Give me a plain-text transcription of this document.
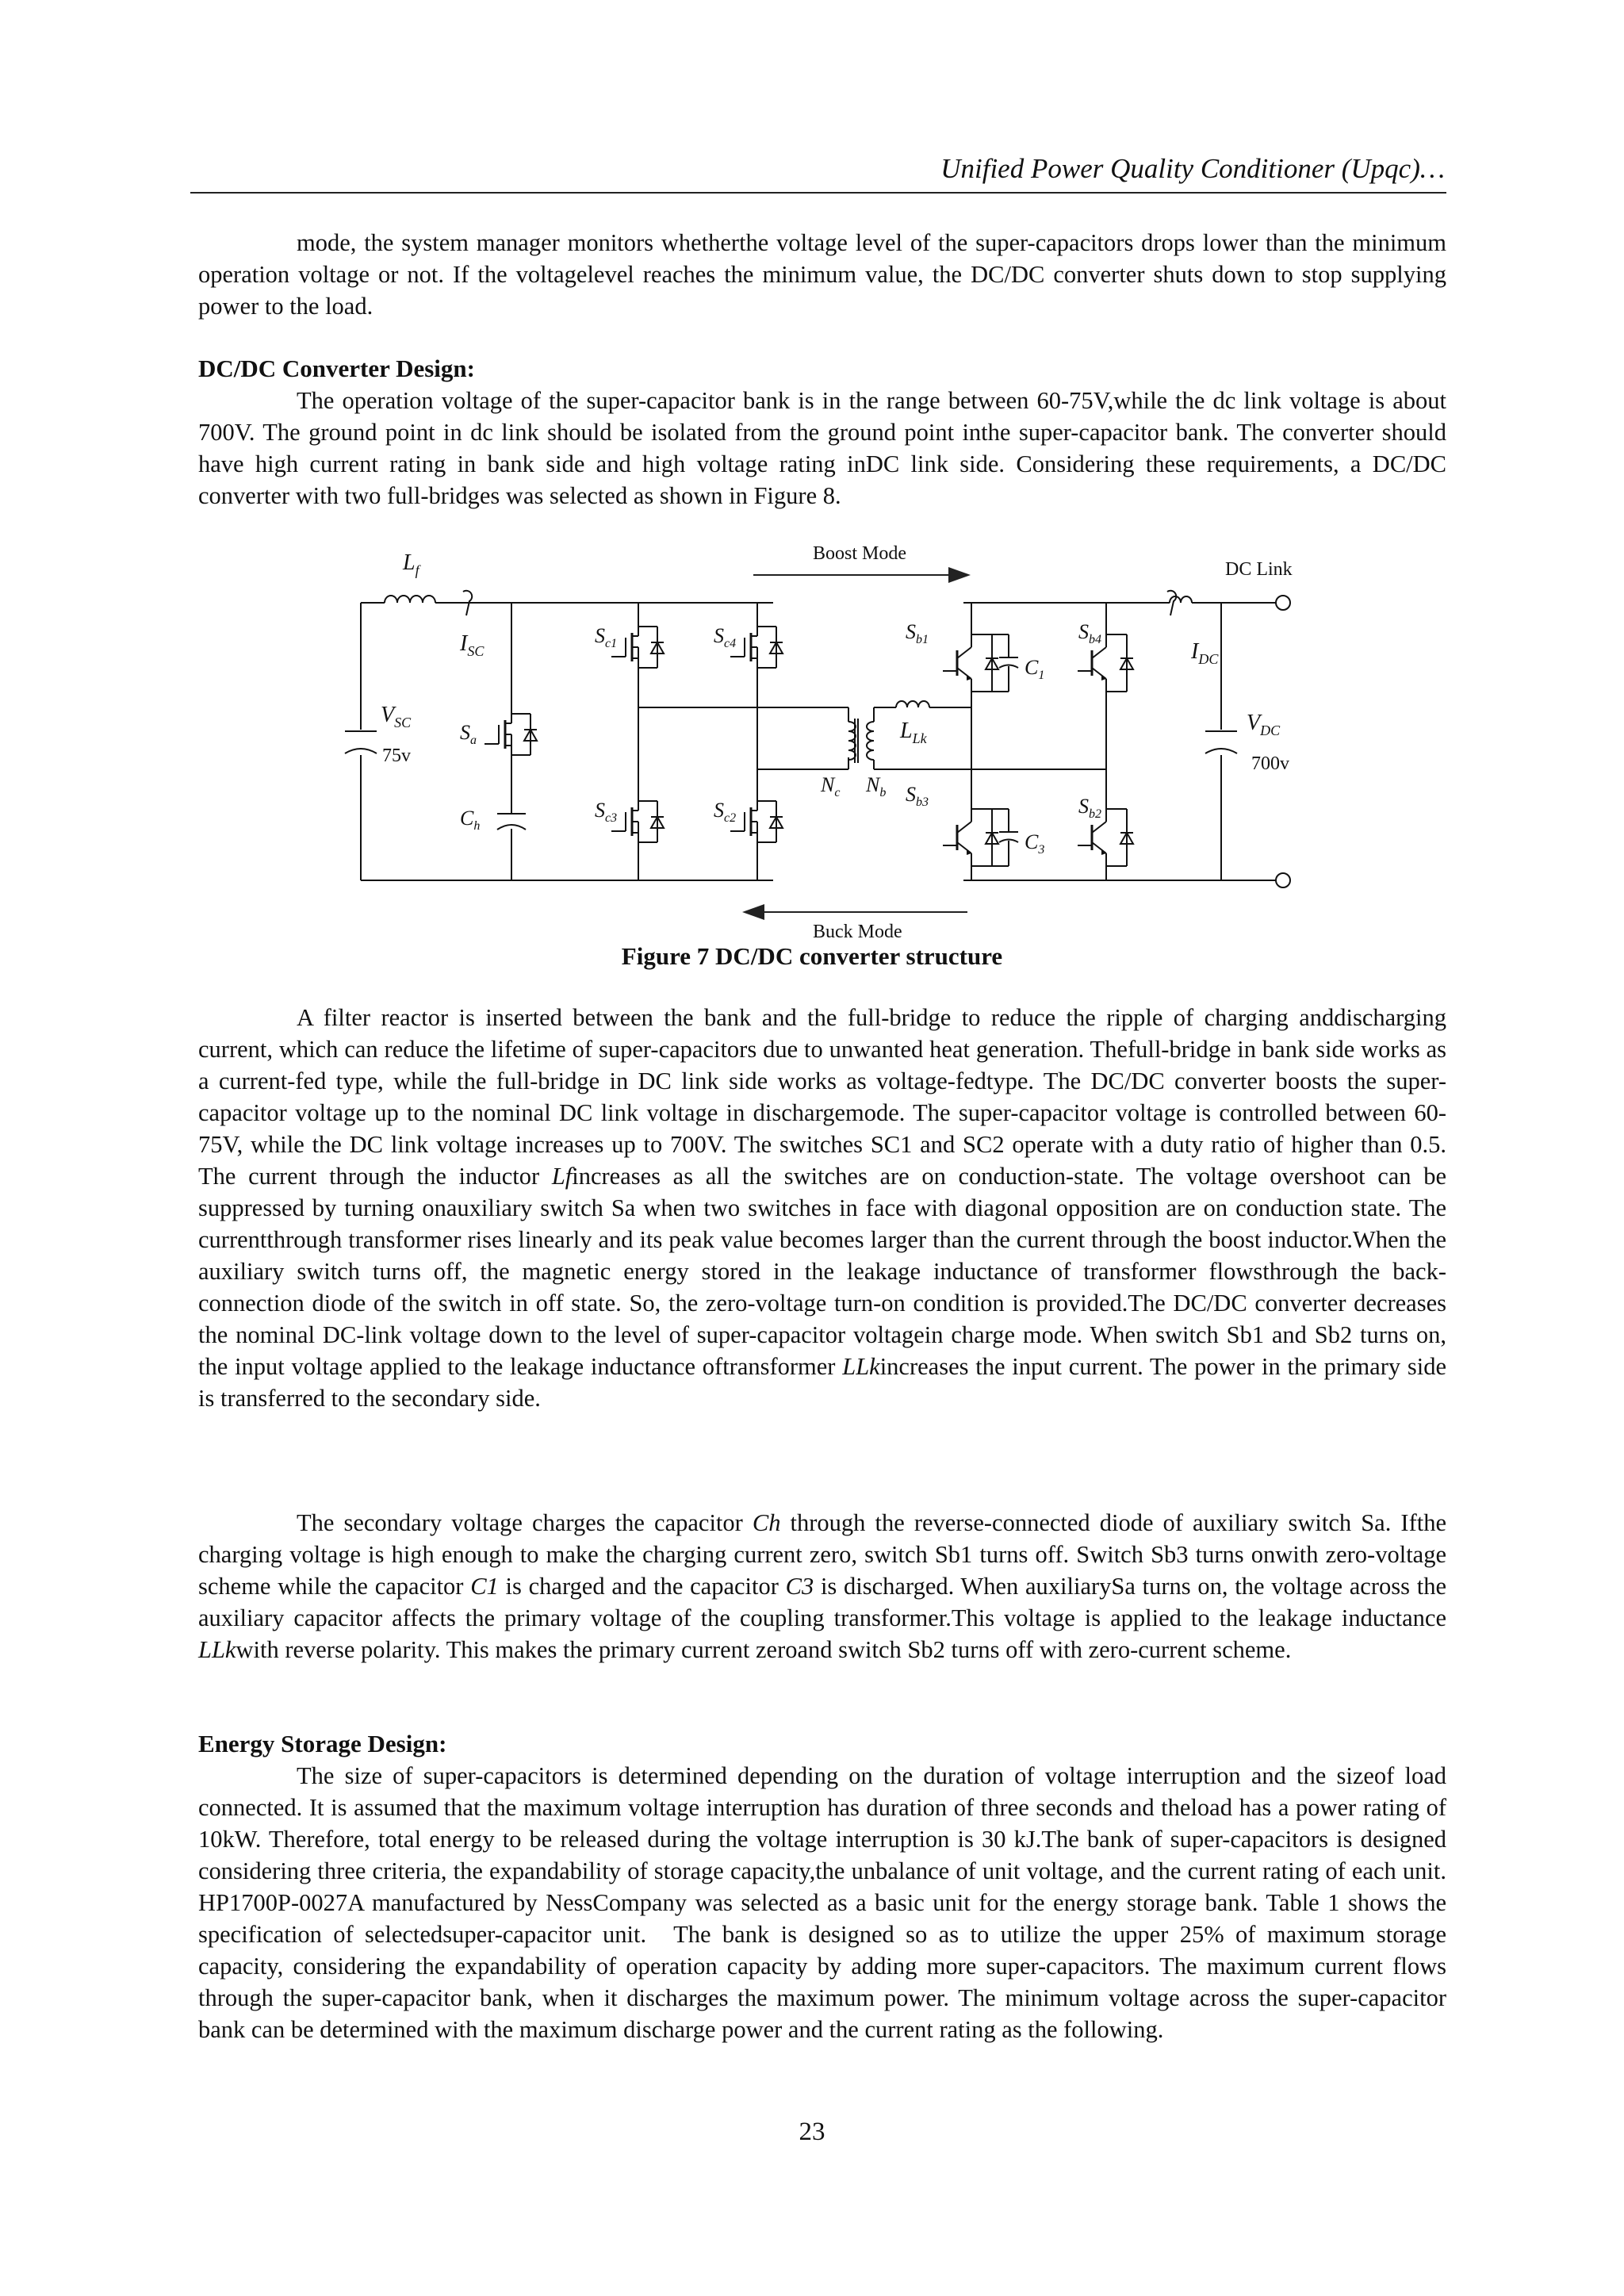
Unified Power Quality Conditioner (Upqc)…
mode, the system manager monitors whetherthe voltage level of the super-capacitors drops lower than the minimum operation voltage or not. If the voltagelevel reaches the minimum value, the DC/DC converter shuts down to stop supplying power to the load.
DC/DC Converter Design:
The operation voltage of the super-capacitor bank is in the range between 60-75V,while the dc link voltage is about 700V. The ground point in dc link should be isolated from the ground point inthe super-capacitor bank. The converter should have high current rating in bank side and high voltage rating inDC link side. Considering these requirements, a DC/DC converter with two full-bridges was selected as shown in Figure 8.
Boost Mode
Buck Mode
DC Link
$L_f$
$I_{SC}$
$V_{SC}$
75v
$S_a$
$C_h$
$S_{c1}$	$S_{c4}$
$S_{c3}$	$S_{c2}$
$L_{Lk}$
$N_c$ $N_b$
$S_{b1}$	$S_{b4}$
$S_{b3}$	$S_{b2}$
$C_1$
$C_3$
$I_{DC}$
$V_{DC}$
700v
Figure 7 DC/DC converter structure
A filter reactor is inserted between the bank and the full-bridge to reduce the ripple of charging anddischarging current, which can reduce the lifetime of super-capacitors due to unwanted heat generation. Thefull-bridge in bank side works as a current-fed type, while the full-bridge in DC link side works as voltage-fedtype. The DC/DC converter boosts the super-capacitor voltage up to the nominal DC link voltage in dischargemode. The super-capacitor voltage is controlled between 60-75V, while the DC link voltage increases up to 700V. The switches SC1 and SC2 operate with a duty ratio of higher than 0.5. The current through the inductor Lfincreases as all the switches are on conduction-state. The voltage overshoot can be suppressed by turning onauxiliary switch Sa when two switches in face with diagonal opposition are on conduction state. The currentthrough transformer rises linearly and its peak value becomes larger than the current through the boost inductor.When the auxiliary switch turns off, the magnetic energy stored in the leakage inductance of transformer flowsthrough the back-connection diode of the switch in off state. So, the zero-voltage turn-on condition is provided.The DC/DC converter decreases the nominal DC-link voltage down to the level of super-capacitor voltagein charge mode. When switch Sb1 and Sb2 turns on, the input voltage applied to the leakage inductance oftransformer LLkincreases the input current. The power in the primary side is transferred to the secondary side.
The secondary voltage charges the capacitor Ch through the reverse-connected diode of auxiliary switch Sa. Ifthe charging voltage is high enough to make the charging current zero, switch Sb1 turns off. Switch Sb3 turns onwith zero-voltage scheme while the capacitor C1 is charged and the capacitor C3 is discharged. When auxiliarySa turns on, the voltage across the auxiliary capacitor affects the primary voltage of the coupling transformer.This voltage is applied to the leakage inductance LLkwith reverse polarity. This makes the primary current zeroand switch Sb2 turns off with zero-current scheme.
Energy Storage Design:
The size of super-capacitors is determined depending on the duration of voltage interruption and the sizeof load connected. It is assumed that the maximum voltage interruption has duration of three seconds and theload has a power rating of 10kW. Therefore, total energy to be released during the voltage interruption is 30 kJ.The bank of super-capacitors is designed considering three criteria, the expandability of storage capacity,the unbalance of unit voltage, and the current rating of each unit. HP1700P-0027A manufactured by NessCompany was selected as a basic unit for the energy storage bank. Table 1 shows the specification of selectedsuper-capacitor unit. The bank is designed so as to utilize the upper 25% of maximum storage capacity, considering the expandability of operation capacity by adding more super-capacitors. The maximum current flows through the super-capacitor bank, when it discharges the maximum power. The minimum voltage across the super-capacitor bank can be determined with the maximum discharge power and the current rating as the following.
23
